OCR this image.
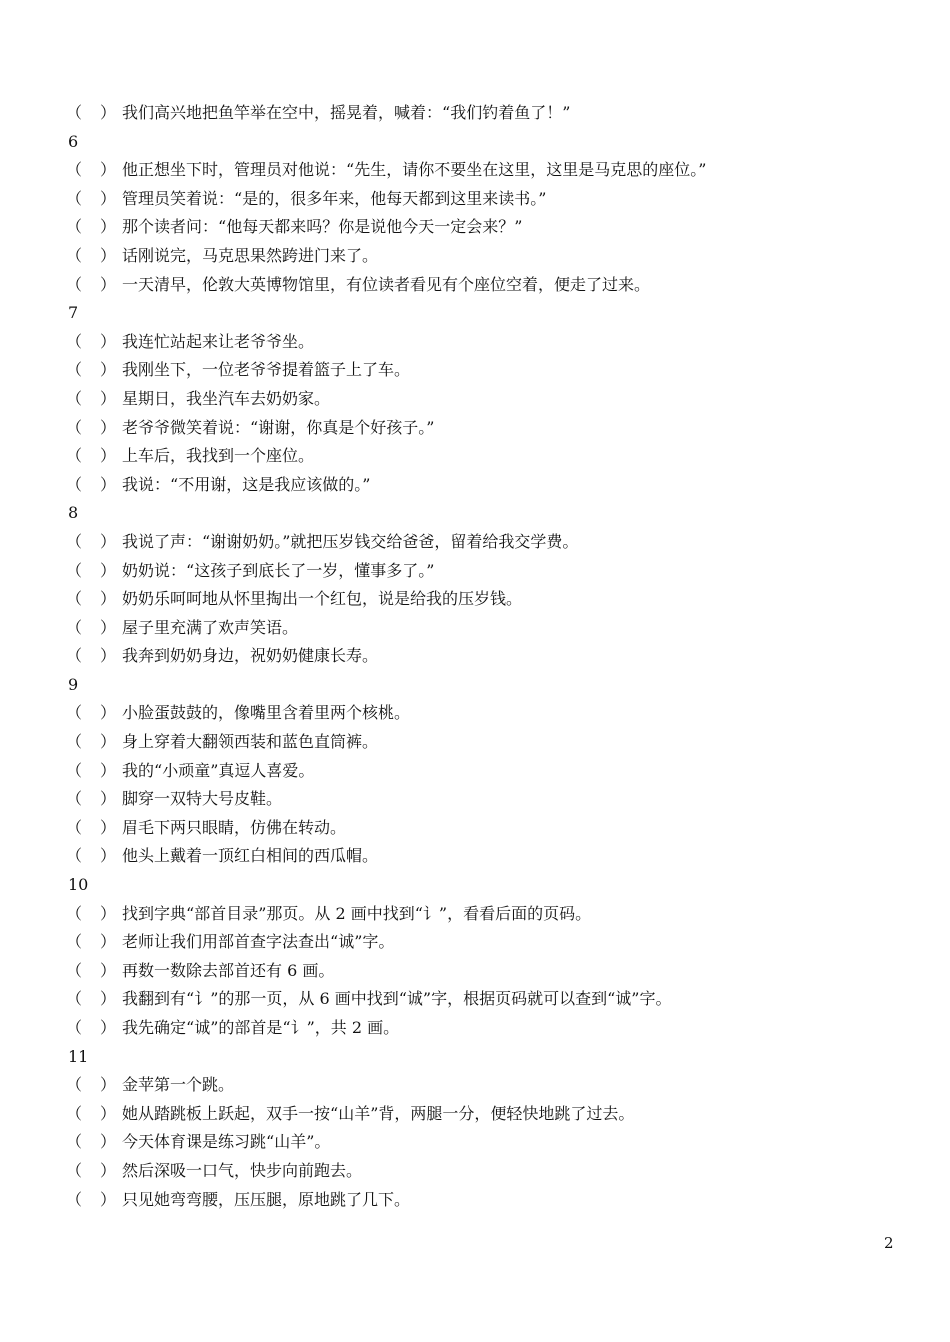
（ ） 我们高兴地把鱼竿举在空中，摇晃着，喊着：“我们钓着鱼了！”
6
（ ） 他正想坐下时，管理员对他说：“先生，请你不要坐在这里，这里是马克思的座位。”
（ ） 管理员笑着说：“是的，很多年来，他每天都到这里来读书。”
（ ） 那个读者问：“他每天都来吗？你是说他今天一定会来？”
（ ） 话刚说完，马克思果然跨进门来了。
（ ） 一天清早，伦敦大英博物馆里，有位读者看见有个座位空着，便走了过来。
7
（ ） 我连忙站起来让老爷爷坐。
（ ） 我刚坐下，一位老爷爷提着篮子上了车。
（ ） 星期日，我坐汽车去奶奶家。
（ ） 老爷爷微笑着说：“谢谢，你真是个好孩子。”
（ ） 上车后，我找到一个座位。
（ ） 我说：“不用谢，这是我应该做的。”
8
（ ） 我说了声：“谢谢奶奶。”就把压岁钱交给爸爸，留着给我交学费。
（ ） 奶奶说：“这孩子到底长了一岁，懂事多了。”
（ ） 奶奶乐呵呵地从怀里掏出一个红包，说是给我的压岁钱。
（ ） 屋子里充满了欢声笑语。
（ ） 我奔到奶奶身边，祝奶奶健康长寿。
9
（ ） 小脸蛋鼓鼓的，像嘴里含着里两个核桃。
（ ） 身上穿着大翻领西装和蓝色直筒裤。
（ ） 我的“小顽童”真逗人喜爱。
（ ） 脚穿一双特大号皮鞋。
（ ） 眉毛下两只眼睛，仿佛在转动。
（ ） 他头上戴着一顶红白相间的西瓜帽。
10
（ ） 找到字典“部首目录”那页。从 2 画中找到“讠”，看看后面的页码。
（ ） 老师让我们用部首查字法查出“诚”字。
（ ） 再数一数除去部首还有 6 画。
（ ） 我翻到有“讠”的那一页，从 6 画中找到“诚”字，根据页码就可以查到“诚”字。
（ ） 我先确定“诚”的部首是“讠”，共 2 画。
11
（ ） 金苹第一个跳。
（ ） 她从踏跳板上跃起，双手一按“山羊”背，两腿一分，便轻快地跳了过去。
（ ） 今天体育课是练习跳“山羊”。
（ ） 然后深吸一口气，快步向前跑去。
（ ） 只见她弯弯腰，压压腿，原地跳了几下。
2
